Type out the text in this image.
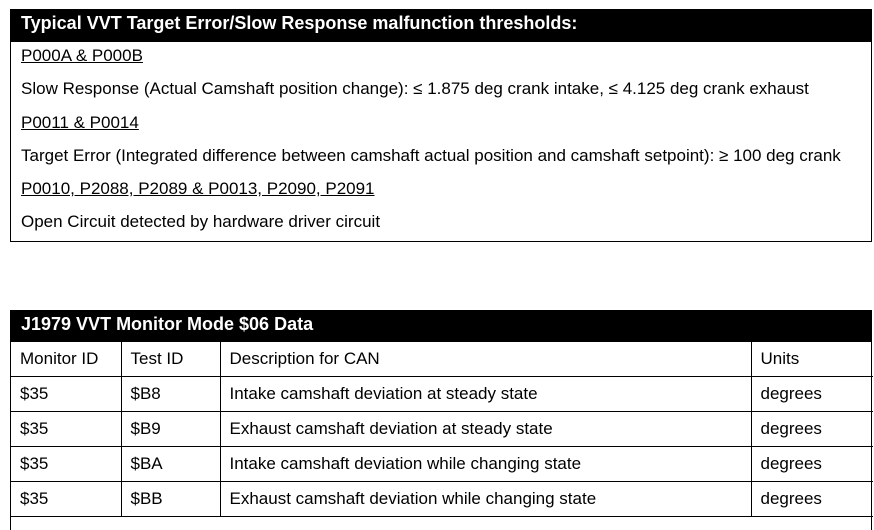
Typical VVT Target Error/Slow Response malfunction thresholds:
P000A & P000B
Slow Response (Actual Camshaft position change): ≤ 1.875 deg crank intake, ≤ 4.125 deg crank exhaust
P0011 & P0014
Target Error (Integrated difference between camshaft actual position and camshaft setpoint): ≥ 100 deg crank
P0010, P2088, P2089 & P0013, P2090, P2091
Open Circuit detected by hardware driver circuit
J1979 VVT Monitor Mode $06 Data
Monitor ID	Test ID	Description for CAN	Units
$35	$B8	Intake camshaft deviation at steady state	degrees
$35	$B9	Exhaust camshaft deviation at steady state	degrees
$35	$BA	Intake camshaft deviation while changing state	degrees
$35	$BB	Exhaust camshaft deviation while changing state	degrees
